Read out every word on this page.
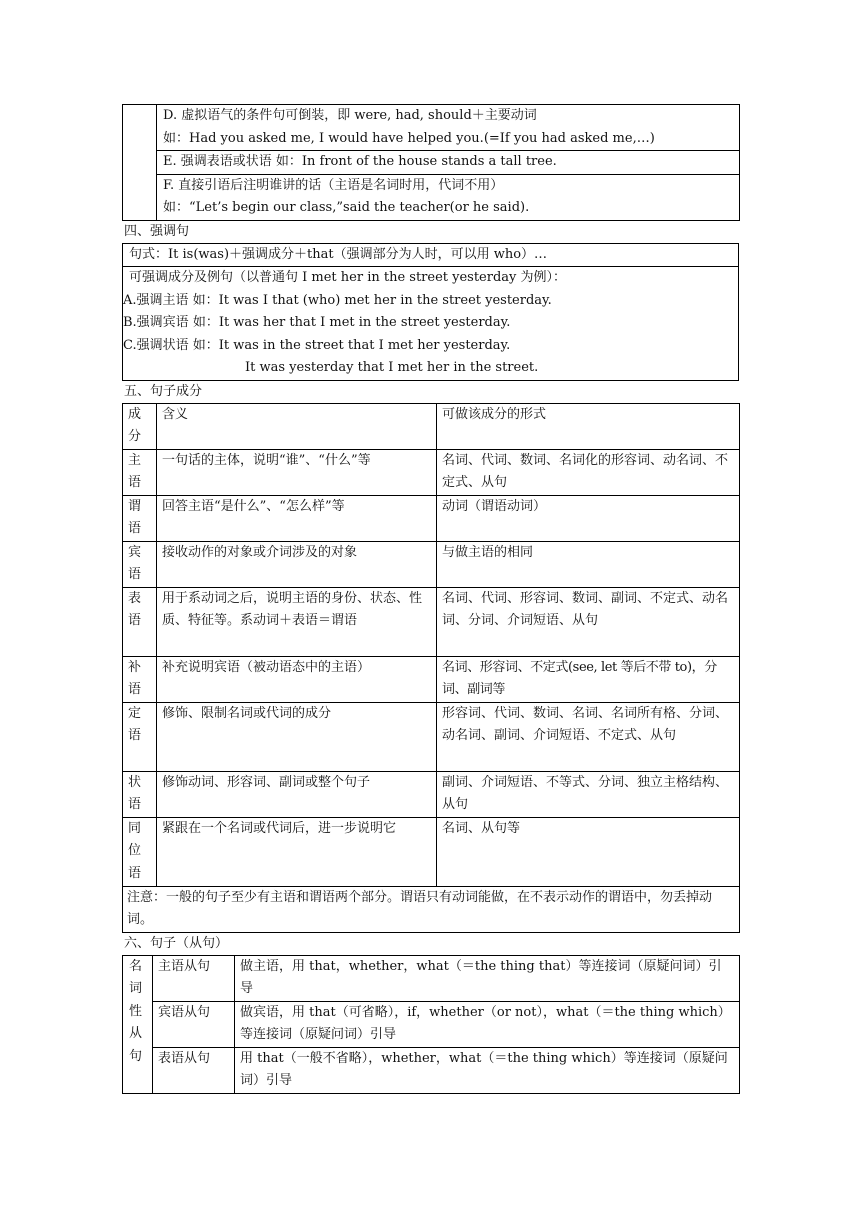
D. 虚拟语气的条件句可倒装，即 were, had, should＋主要动词
如：Had you asked me, I would have helped you.(=If you had asked me,…)

E. 强调表语或状语 如：In front of the house stands a tall tree.

F. 直接引语后注明谁讲的话（主语是名词时用，代词不用）
如：“Let’s begin our class,”said the teacher(or he said).
四、强调句
句式：It is(was)＋强调成分＋that（强调部分为人时，可以用 who）…

可强调成分及例句（以普通句 I met her in the street yesterday 为例）：
A.强调主语 如：It was I that (who) met her in the street yesterday.
B.强调宾语 如：It was her that I met in the street yesterday.
C.强调状语 如：It was in the street that I met her yesterday.
It was yesterday that I met her in the street.
五、句子成分
成分	含义	可做该成分的形式
主语	一句话的主体，说明“谁”、“什么”等	名词、代词、数词、名词化的形容词、动名词、不定式、从句
谓语	回答主语“是什么”、“怎么样”等	动词（谓语动词）
宾语	接收动作的对象或介词涉及的对象	与做主语的相同
表语	用于系动词之后，说明主语的身份、状态、性质、特征等。系动词＋表语＝谓语	名词、代词、形容词、数词、副词、不定式、动名词、分词、介词短语、从句
补语	补充说明宾语（被动语态中的主语）	名词、形容词、不定式(see, let 等后不带 to)，分词、副词等
定语	修饰、限制名词或代词的成分	形容词、代词、数词、名词、名词所有格、分词、动名词、副词、介词短语、不定式、从句
状语	修饰动词、形容词、副词或整个句子	副词、介词短语、不等式、分词、独立主格结构、从句
同位语	紧跟在一个名词或代词后，进一步说明它	名词、从句等
注意：一般的句子至少有主语和谓语两个部分。谓语只有动词能做，在不表示动作的谓语中，勿丢掉动词。		
六、句子（从句）
名词性从句	主语从句	做主语，用 that，whether，what（＝the thing that）等连接词（原疑问词）引导
	宾语从句	做宾语，用 that（可省略），if，whether（or not），what（＝the thing which）等连接词（原疑问词）引导
	表语从句	用 that（一般不省略），whether，what（＝the thing which）等连接词（原疑问词）引导
